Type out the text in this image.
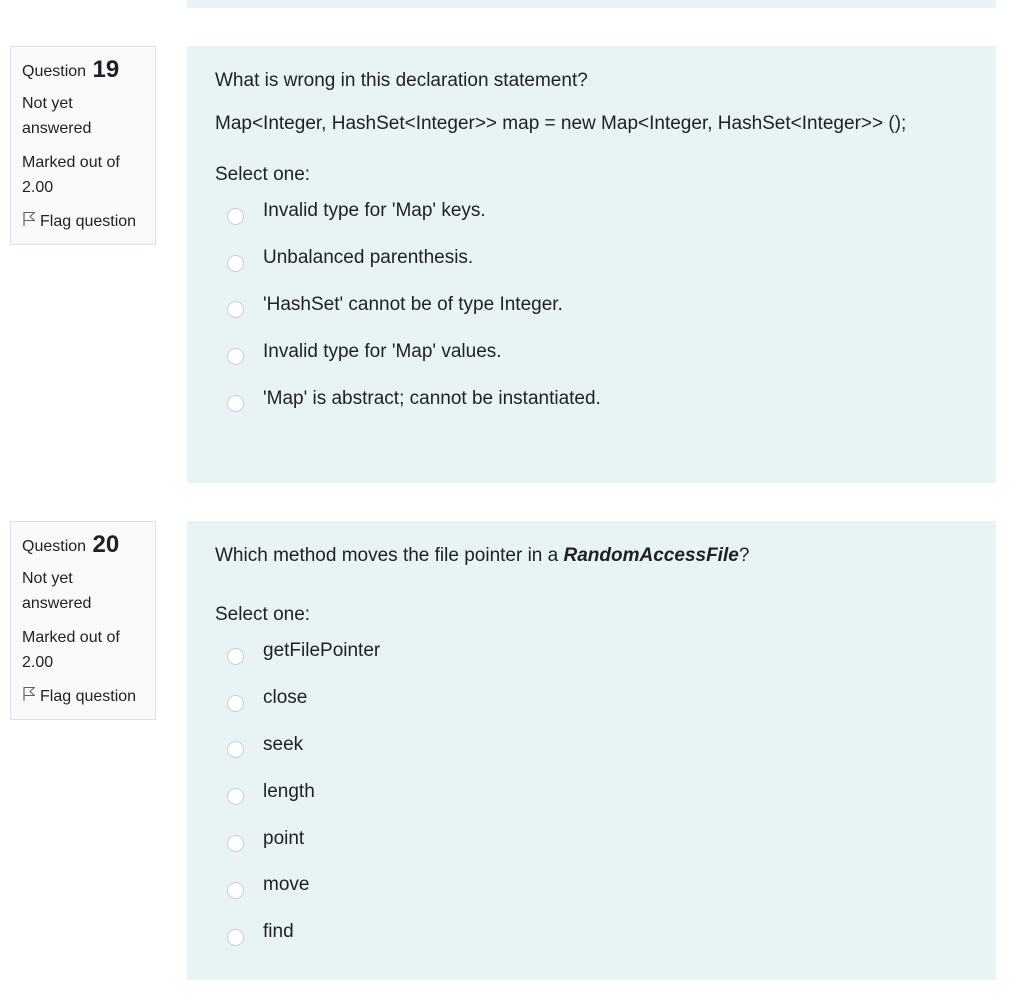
Question 19
Not yet answered
Marked out of 2.00
Flag question

What is wrong in this declaration statement?

Map<Integer, HashSet<Integer>> map = new Map<Integer, HashSet<Integer>> ();

Select one:
Invalid type for 'Map' keys.
Unbalanced parenthesis.
'HashSet' cannot be of type Integer.
Invalid type for 'Map' values.
'Map' is abstract; cannot be instantiated.
Question 20
Not yet answered
Marked out of 2.00
Flag question

Which method moves the file pointer in a RandomAccessFile?

Select one:
getFilePointer
close
seek
length
point
move
find
